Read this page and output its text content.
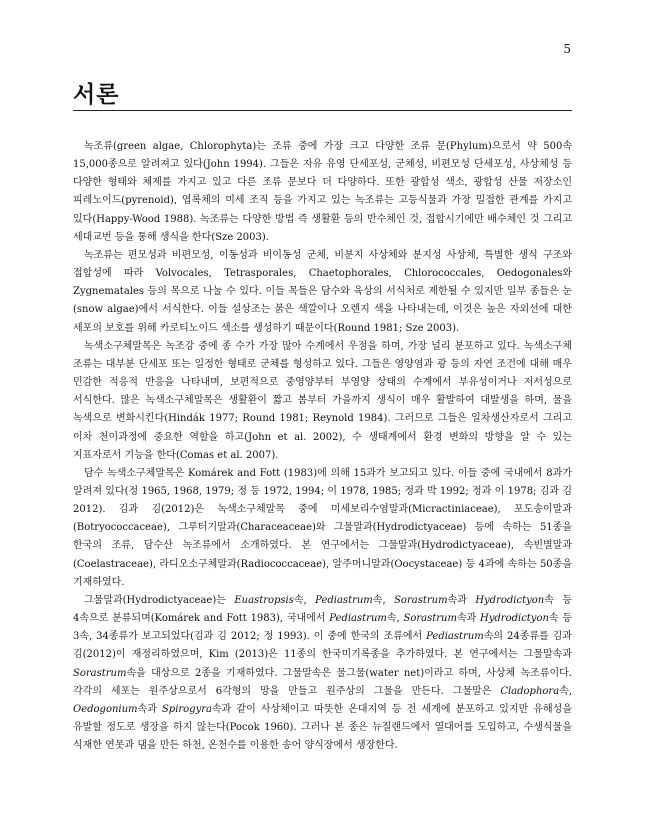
5
서론

녹조류(green algae, Chlorophyta)는 조류 중에 가장 크고 다양한 조류 문(Phylum)으로서 약 500속 15,000종으로 알려져고 있다(John 1994). 그들은 자유 유영 단세포성, 군체성, 비편모성 단세포성, 사상체성 등 다양한 형태와 체제를 가지고 있고 다른 조류 문보다 더 다양하다. 또한 광합성 색소, 광합성 산물 저장소인 피레노이드(pyrenoid), 엽록체의 미세 조직 등을 가지고 있는 녹조류는 고등식물과 가장 밀접한 관계를 가지고 있다(Happy-Wood 1988). 녹조류는 다양한 방법 즉 생활환 등의 반수체인 것, 접합시기에만 배수체인 것 그리고 세대교번 등을 통해 생식을 한다(Sze 2003).

녹조류는 편모성과 비편모성, 이동성과 비이동성 군체, 비분지 사상체와 분지성 사상체, 특별한 생식 구조와 접합성에 따라 Volvocales, Tetrasporales, Chaetophorales, Chlorococcales, Oedogonales와 Zygnematales 등의 목으로 나눌 수 있다. 이들 목들은 담수와 육상의 서식처로 제한될 수 있지만 일부 종들은 눈(snow algae)에서 서식한다. 이들 설상조는 붉은 색깔이나 오렌지 색을 나타내는데, 이것은 높은 자외선에 대한 세포의 보호를 위해 카로티노이드 색소를 생성하기 때문이다(Round 1981; Sze 2003).

녹색소구체말목은 녹조강 중에 종 수가 가장 많아 수계에서 우점을 하며, 가장 널리 분포하고 있다. 녹색소구체 조류는 대부분 단세포 또는 일정한 형태로 군체를 형성하고 있다. 그들은 영양염과 광 등의 자연 조건에 대해 매우 민감한 적응적 반응을 나타내며, 보편적으로 중영양부터 부영양 상태의 수계에서 부유성이거나 저서성으로 서식한다. 많은 녹색소구체말목은 생활환이 짧고 봄부터 가을까지 생식이 매우 활발하여 대발생을 하며, 물을 녹색으로 변화시킨다(Hindák 1977; Round 1981; Reynold 1984). 그러므로 그들은 일차생산자로서 그리고 이차 천이과정에 중요한 역할을 하고(John et al. 2002), 수 생태계에서 환경 변화의 방향을 알 수 있는 지표자로서 기능을 한다(Comas et al. 2007).

담수 녹색소구체말목은 Komárek and Fott (1983)에 의해 15과가 보고되고 있다. 이들 중에 국내에서 8과가 알려져 있다(정 1965, 1968, 1979; 정 등 1972, 1994; 이 1978, 1985; 정과 박 1992; 정과 이 1978; 김과 김 2012). 김과 김(2012)은 녹색소구체말목 중에 미세보리수염말과(Micractiniaceae), 포도송이말과(Botryococcaceae), 그루터기말과(Characeaceae)와 그물말과(Hydrodictyaceae) 등에 속하는 51종을 한국의 조류, 담수산 녹조류에서 소개하였다. 본 연구에서는 그물말과(Hydrodictyaceae), 속빈별말과(Coelastraceae), 라디오소구체말과(Radiococcaceae), 알주머니말과(Oocystaceae) 등 4과에 속하는 50종을 기재하였다.

그물말과(Hydrodictyaceae)는 Euastropsis속, Pediastrum속, Sorastrum속과 Hydrodictyon속 등 4속으로 분류되며(Komárek and Fott 1983), 국내에서 Pediastrum속, Sorastrum속과 Hydrodictyon속 등 3속, 34종류가 보고되었다(김과 김 2012; 정 1993). 이 중에 한국의 조류에서 Pediastrum속의 24종류를 김과 김(2012)이 재정리하였으며, Kim (2013)은 11종의 한국미기록종을 추가하였다. 본 연구에서는 그물말속과 Sorastrum속을 대상으로 2종을 기재하였다. 그물말속은 물그물(water net)이라고 하며, 사상체 녹조류이다. 각각의 세포는 원주상으로서 6각형의 망을 만들고 원주상의 그물을 만든다. 그물말은 Cladophora속, Oedogonium속과 Spirogyra속과 같이 사상체이고 따뜻한 온대지역 등 전 세계에 분포하고 있지만 유해성을 유발할 정도로 생장을 하지 않는다(Pocok 1960). 그러나 본 종은 뉴질랜드에서 열대어를 도입하고, 수생식물을 식재한 연못과 댐을 만든 하천, 온천수를 이용한 송어 양식장에서 생장한다.
